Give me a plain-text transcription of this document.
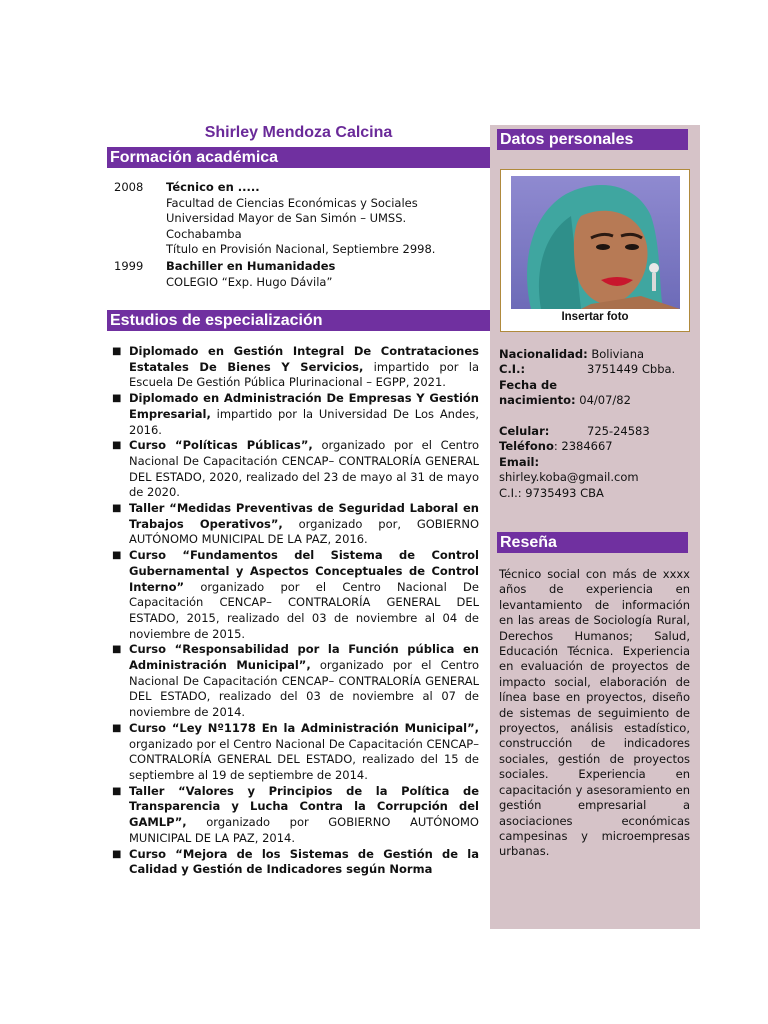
Shirley Mendoza Calcina
Formación académica
2008	Técnico en .....
Facultad de Ciencias Económicas y Sociales
Universidad Mayor de San Simón – UMSS.
Cochabamba
Título en Provisión Nacional, Septiembre 2998.
1999	Bachiller en Humanidades
COLEGIO “Exp. Hugo Dávila”
Estudios de especialización
■ Diplomado en Gestión Integral De Contrataciones Estatales De Bienes Y Servicios, impartido por la Escuela De Gestión Pública Plurinacional – EGPP, 2021.
■ Diplomado en Administración De Empresas Y Gestión Empresarial, impartido por la Universidad De Los Andes, 2016.
■ Curso “Políticas Públicas”, organizado por el Centro Nacional De Capacitación CENCAP– CONTRALORÍA GENERAL DEL ESTADO, 2020, realizado del 23 de mayo al 31 de mayo de 2020.
■ Taller “Medidas Preventivas de Seguridad Laboral en Trabajos Operativos”, organizado por, GOBIERNO AUTÓNOMO MUNICIPAL DE LA PAZ, 2016.
■ Curso “Fundamentos del Sistema de Control Gubernamental y Aspectos Conceptuales de Control Interno” organizado por el Centro Nacional De Capacitación CENCAP– CONTRALORÍA GENERAL DEL ESTADO, 2015, realizado del 03 de noviembre al 04 de noviembre de 2015.
■ Curso “Responsabilidad por la Función pública en Administración Municipal”, organizado por el Centro Nacional De Capacitación CENCAP– CONTRALORÍA GENERAL DEL ESTADO, realizado del 03 de noviembre al 07 de noviembre de 2014.
■ Curso “Ley Nº1178 En la Administración Municipal”, organizado por el Centro Nacional De Capacitación CENCAP– CONTRALORÍA GENERAL DEL ESTADO, realizado del 15 de septiembre al 19 de septiembre de 2014.
■ Taller “Valores y Principios de la Política de Transparencia y Lucha Contra la Corrupción del GAMLP”, organizado por GOBIERNO AUTÓNOMO MUNICIPAL DE LA PAZ, 2014.
■ Curso “Mejora de los Sistemas de Gestión de la Calidad y Gestión de Indicadores según Norma
Datos personales
Insertar foto
Nacionalidad: Boliviana
C.I.:	3751449 Cbba.
Fecha de
nacimiento: 04/07/82
Celular:	725-24583
Teléfono: 2384667
Email:
shirley.koba@gmail.com
C.I.: 9735493 CBA
Reseña
Técnico social con más de xxxx años de experiencia en levantamiento de información en las areas de Sociología Rural, Derechos Humanos; Salud, Educación Técnica. Experiencia en evaluación de proyectos de impacto social, elaboración de línea base en proyectos, diseño de sistemas de seguimiento de proyectos, análisis estadístico, construcción de indicadores sociales, gestión de proyectos sociales. Experiencia en capacitación y asesoramiento en gestión empresarial a asociaciones económicas campesinas y microempresas urbanas.
